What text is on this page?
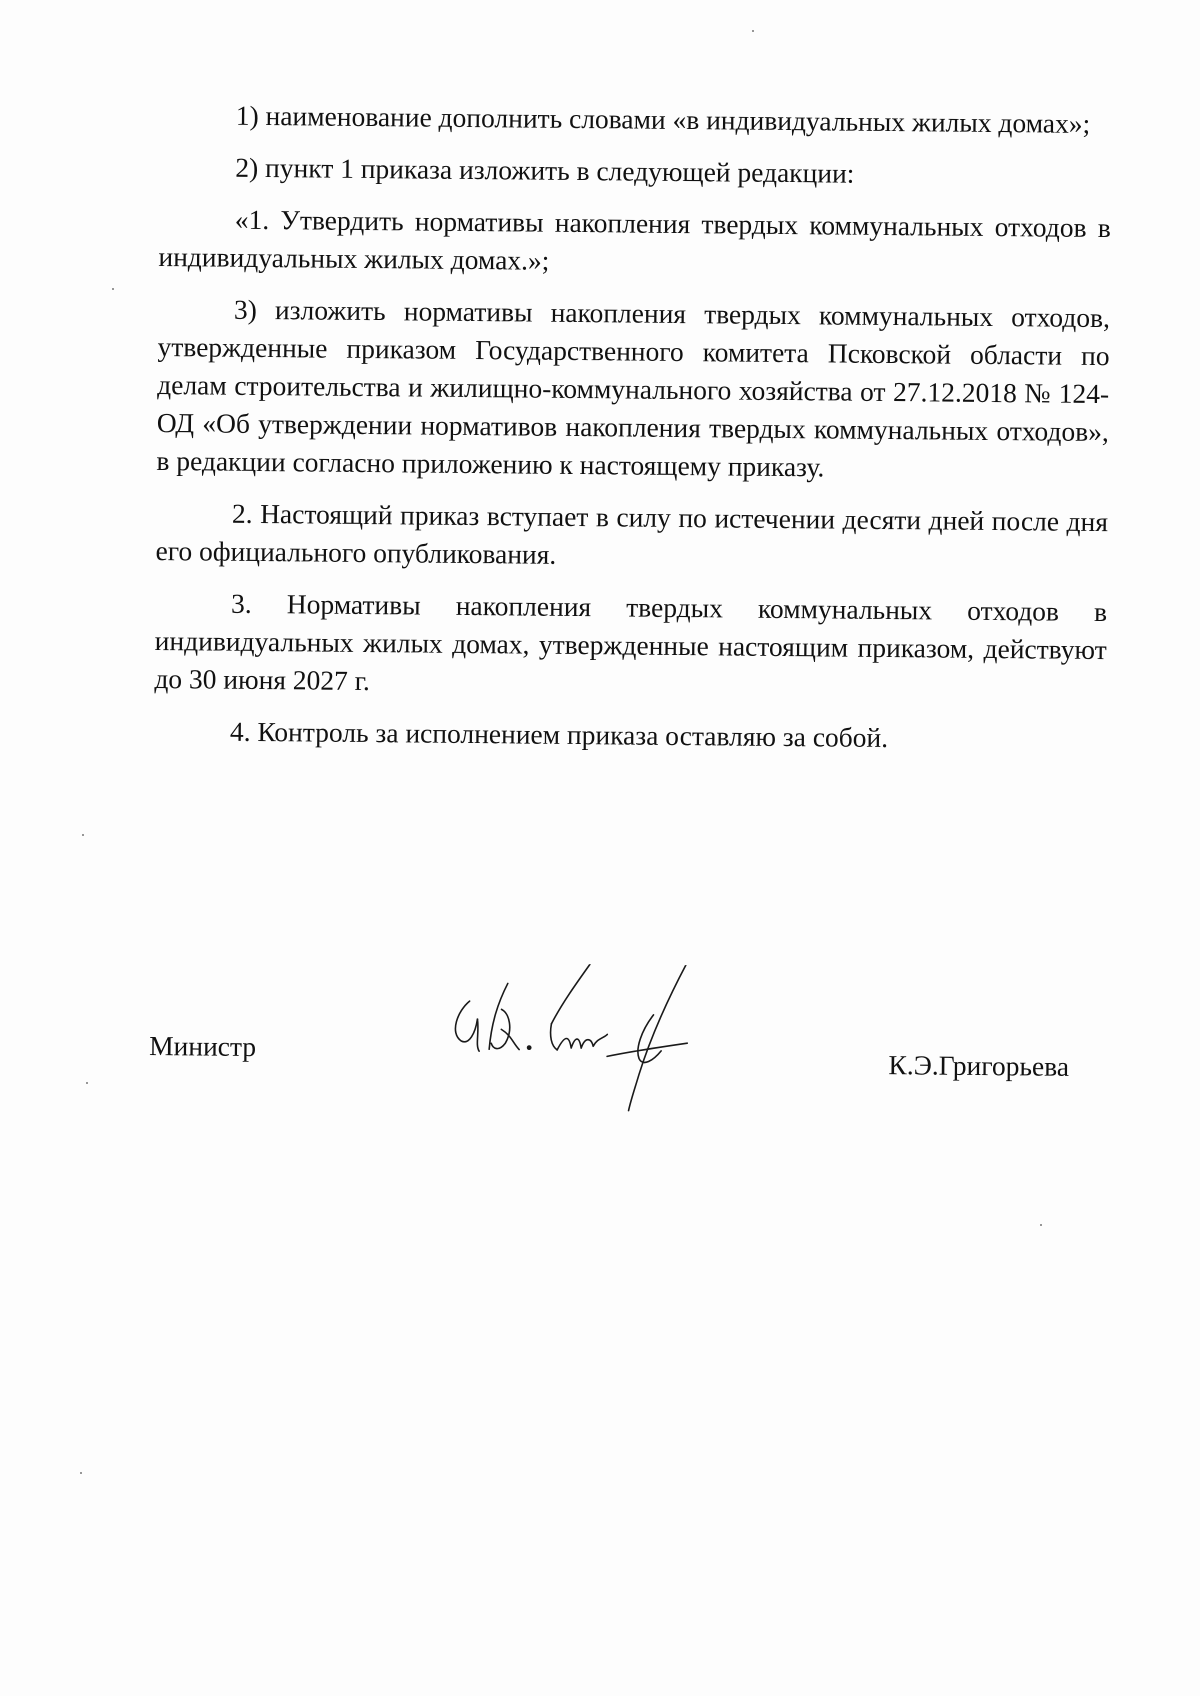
1) наименование дополнить словами «в индивидуальных жилых домах»;

2) пункт 1 приказа изложить в следующей редакции:

«1. Утвердить нормативы накопления твердых коммунальных отходов в индивидуальных жилых домах.»;

3) изложить нормативы накопления твердых коммунальных отходов, утвержденные приказом Государственного комитета Псковской области по делам строительства и жилищно-коммунального хозяйства от 27.12.2018 № 124-ОД «Об утверждении нормативов накопления твердых коммунальных отходов», в редакции согласно приложению к настоящему приказу.

2. Настоящий приказ вступает в силу по истечении десяти дней после дня его официального опубликования.

3. Нормативы накопления твердых коммунальных отходов в индивидуальных жилых домах, утвержденные настоящим приказом, действуют до 30 июня 2027 г.

4. Контроль за исполнением приказа оставляю за собой.

Министр
К.Э.Григорьева
